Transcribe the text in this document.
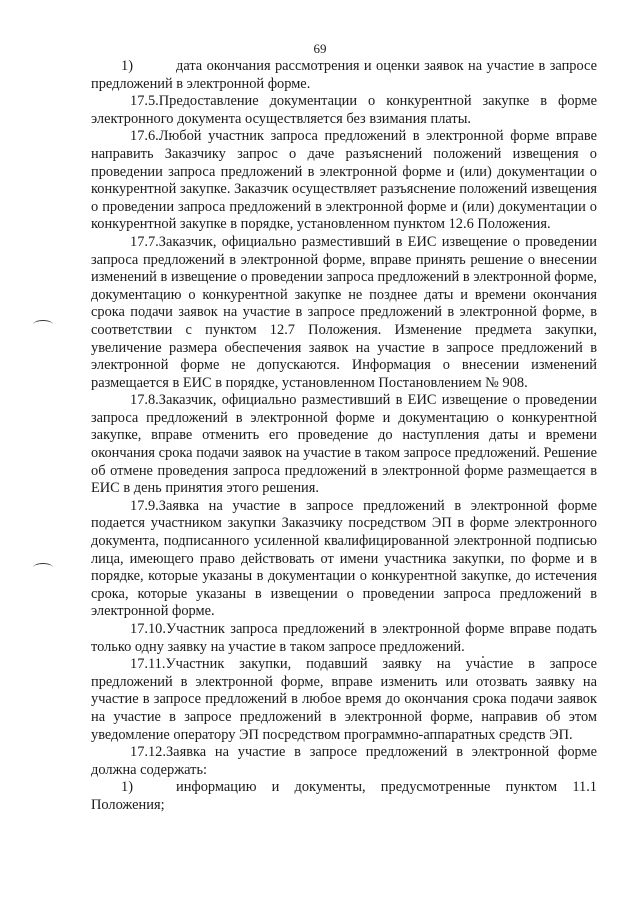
69

1)	дата окончания рассмотрения и оценки заявок на участие в запросе предложений в электронной форме.

17.5.Предоставление документации о конкурентной закупке в форме электронного документа осуществляется без взимания платы.

17.6.Любой участник запроса предложений в электронной форме вправе направить Заказчику запрос о даче разъяснений положений извещения о проведении запроса предложений в электронной форме и (или) документации о конкурентной закупке. Заказчик осуществляет разъяснение положений извещения о проведении запроса предложений в электронной форме и (или) документации о конкурентной закупке в порядке, установленном пунктом 12.6 Положения.

17.7.Заказчик, официально разместивший в ЕИС извещение о проведении запроса предложений в электронной форме, вправе принять решение о внесении изменений в извещение о проведении запроса предложений в электронной форме, документацию о конкурентной закупке не позднее даты и времени окончания срока подачи заявок на участие в запросе предложений в электронной форме, в соответствии с пунктом 12.7 Положения. Изменение предмета закупки, увеличение размера обеспечения заявок на участие в запросе предложений в электронной форме не допускаются. Информация о внесении изменений размещается в ЕИС в порядке, установленном Постановлением № 908.

17.8.Заказчик, официально разместивший в ЕИС извещение о проведении запроса предложений в электронной форме и документацию о конкурентной закупке, вправе отменить его проведение до наступления даты и времени окончания срока подачи заявок на участие в таком запросе предложений. Решение об отмене проведения запроса предложений в электронной форме размещается в ЕИС в день принятия этого решения.

17.9.Заявка на участие в запросе предложений в электронной форме подается участником закупки Заказчику посредством ЭП в форме электронного документа, подписанного усиленной квалифицированной электронной подписью лица, имеющего право действовать от имени участника закупки, по форме и в порядке, которые указаны в документации о конкурентной закупке, до истечения срока, которые указаны в извещении о проведении запроса предложений в электронной форме.

17.10.Участник запроса предложений в электронной форме вправе подать только одну заявку на участие в таком запросе предложений.

17.11.Участник закупки, подавший заявку на участие в запросе предложений в электронной форме, вправе изменить или отозвать заявку на участие в запросе предложений в любое время до окончания срока подачи заявок на участие в запросе предложений в электронной форме, направив об этом уведомление оператору ЭП посредством программно-аппаратных средств ЭП.

17.12.Заявка на участие в запросе предложений в электронной форме должна содержать:

1)	информацию и документы, предусмотренные пунктом 11.1 Положения;
